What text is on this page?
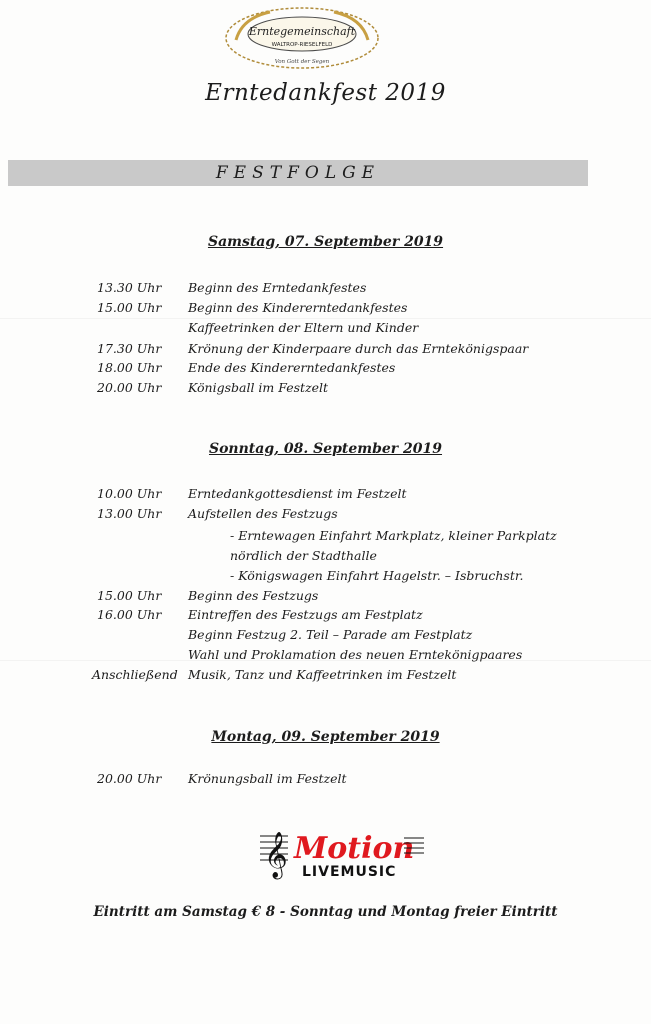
Erntegemeinschaft
WALTROP-RIESELFELD
Von Gott der Segen
Erntedankfest 2019
FESTFOLGE
Samstag, 07. September 2019
13.30 Uhr	Beginn des Erntedankfestes
15.00 Uhr	Beginn des Kindererntedankfestes
Kaffeetrinken der Eltern und Kinder
17.30 Uhr	Krönung der Kinderpaare durch das Erntekönigspaar
18.00 Uhr	Ende des Kindererntedankfestes
20.00 Uhr	Königsball im Festzelt
Sonntag, 08. September 2019
10.00 Uhr	Erntedankgottesdienst im Festzelt
13.00 Uhr	Aufstellen des Festzugs
- Erntewagen Einfahrt Markplatz, kleiner Parkplatz
nördlich der Stadthalle
- Königswagen Einfahrt Hagelstr. – Isbruchstr.
15.00 Uhr	Beginn des Festzugs
16.00 Uhr	Eintreffen des Festzugs am Festplatz
Beginn Festzug 2. Teil – Parade am Festplatz
Wahl und Proklamation des neuen Erntekönigpaares
Anschließend Musik, Tanz und Kaffeetrinken im Festzelt
Montag, 09. September 2019
20.00 Uhr	Krönungsball im Festzelt
𝄞 Motion
LIVEMUSIC
Eintritt am Samstag € 8 - Sonntag und Montag freier Eintritt
